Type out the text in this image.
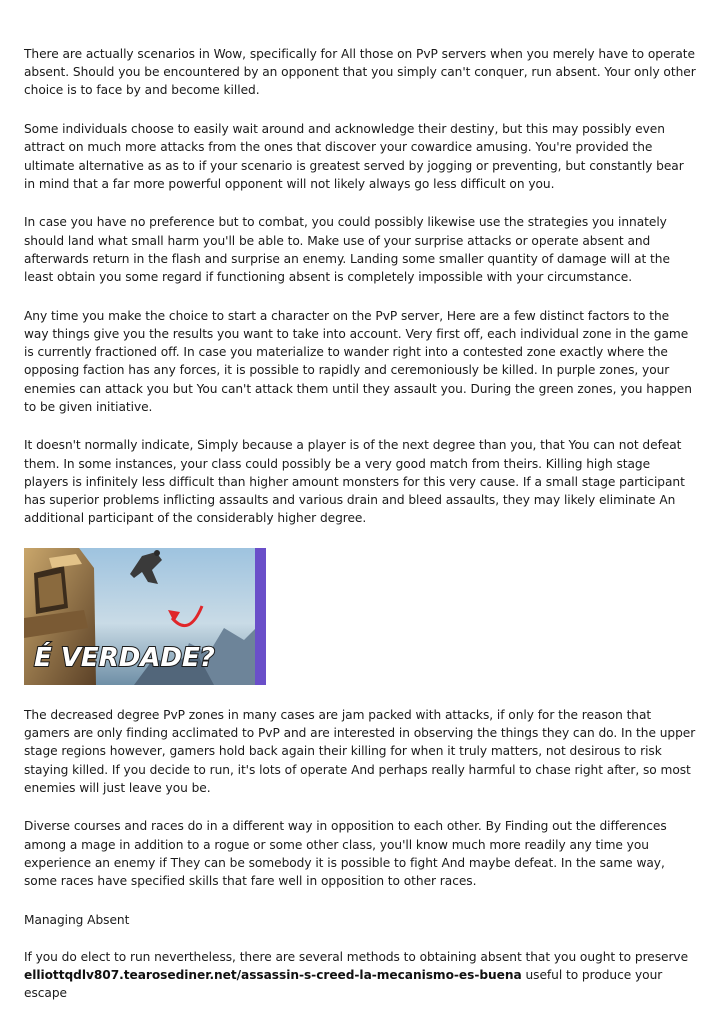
There are actually scenarios in Wow, specifically for All those on PvP servers when you merely have to operate absent. Should you be encountered by an opponent that you simply can't conquer, run absent. Your only other choice is to face by and become killed.

Some individuals choose to easily wait around and acknowledge their destiny, but this may possibly even attract on much more attacks from the ones that discover your cowardice amusing. You're provided the ultimate alternative as as to if your scenario is greatest served by jogging or preventing, but constantly bear in mind that a far more powerful opponent will not likely always go less difficult on you.

In case you have no preference but to combat, you could possibly likewise use the strategies you innately should land what small harm you'll be able to. Make use of your surprise attacks or operate absent and afterwards return in the flash and surprise an enemy. Landing some smaller quantity of damage will at the least obtain you some regard if functioning absent is completely impossible with your circumstance.

Any time you make the choice to start a character on the PvP server, Here are a few distinct factors to the way things give you the results you want to take into account. Very first off, each individual zone in the game is currently fractioned off. In case you materialize to wander right into a contested zone exactly where the opposing faction has any forces, it is possible to rapidly and ceremoniously be killed. In purple zones, your enemies can attack you but You can't attack them until they assault you. During the green zones, you happen to be given initiative.

It doesn't normally indicate, Simply because a player is of the next degree than you, that You can not defeat them. In some instances, your class could possibly be a very good match from theirs. Killing high stage players is infinitely less difficult than higher amount monsters for this very cause. If a small stage participant has superior problems inflicting assaults and various drain and bleed assaults, they may likely eliminate An additional participant of the considerably higher degree.

É VERDADE?

The decreased degree PvP zones in many cases are jam packed with attacks, if only for the reason that gamers are only finding acclimated to PvP and are interested in observing the things they can do. In the upper stage regions however, gamers hold back again their killing for when it truly matters, not desirous to risk staying killed. If you decide to run, it's lots of operate And perhaps really harmful to chase right after, so most enemies will just leave you be.

Diverse courses and races do in a different way in opposition to each other. By Finding out the differences among a mage in addition to a rogue or some other class, you'll know much more readily any time you experience an enemy if They can be somebody it is possible to fight And maybe defeat. In the same way, some races have specified skills that fare well in opposition to other races.

Managing Absent

If you do elect to run nevertheless, there are several methods to obtaining absent that you ought to preserve elliottqdlv807.tearosediner.net/assassin-s-creed-la-mecanismo-es-buena useful to produce your escape
